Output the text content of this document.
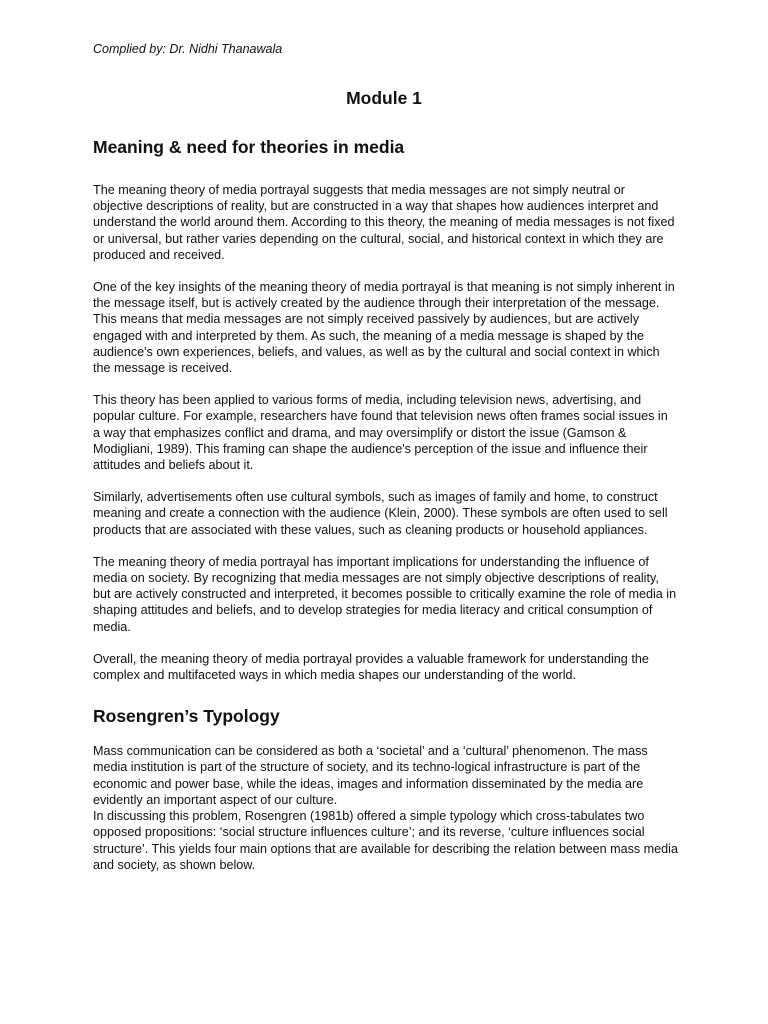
Complied by: Dr. Nidhi Thanawala
Module 1
Meaning & need for theories in media

The meaning theory of media portrayal suggests that media messages are not simply neutral or objective descriptions of reality, but are constructed in a way that shapes how audiences interpret and understand the world around them. According to this theory, the meaning of media messages is not fixed or universal, but rather varies depending on the cultural, social, and historical context in which they are produced and received.

One of the key insights of the meaning theory of media portrayal is that meaning is not simply inherent in the message itself, but is actively created by the audience through their interpretation of the message. This means that media messages are not simply received passively by audiences, but are actively engaged with and interpreted by them. As such, the meaning of a media message is shaped by the audience's own experiences, beliefs, and values, as well as by the cultural and social context in which the message is received.

This theory has been applied to various forms of media, including television news, advertising, and popular culture. For example, researchers have found that television news often frames social issues in a way that emphasizes conflict and drama, and may oversimplify or distort the issue (Gamson & Modigliani, 1989). This framing can shape the audience's perception of the issue and influence their attitudes and beliefs about it.

Similarly, advertisements often use cultural symbols, such as images of family and home, to construct meaning and create a connection with the audience (Klein, 2000). These symbols are often used to sell products that are associated with these values, such as cleaning products or household appliances.

The meaning theory of media portrayal has important implications for understanding the influence of media on society. By recognizing that media messages are not simply objective descriptions of reality, but are actively constructed and interpreted, it becomes possible to critically examine the role of media in shaping attitudes and beliefs, and to develop strategies for media literacy and critical consumption of media.

Overall, the meaning theory of media portrayal provides a valuable framework for understanding the complex and multifaceted ways in which media shapes our understanding of the world.

Rosengren’s Typology

Mass communication can be considered as both a ‘societal’ and a ‘cultural’ phenomenon. The mass media institution is part of the structure of society, and its techno-logical infrastructure is part of the economic and power base, while the ideas, images and information disseminated by the media are evidently an important aspect of our culture.

In discussing this problem, Rosengren (1981b) offered a simple typology which cross-tabulates two opposed propositions: ‘social structure influences culture’; and its reverse, ‘culture influences social structure’. This yields four main options that are available for describing the relation between mass media and society, as shown below.
